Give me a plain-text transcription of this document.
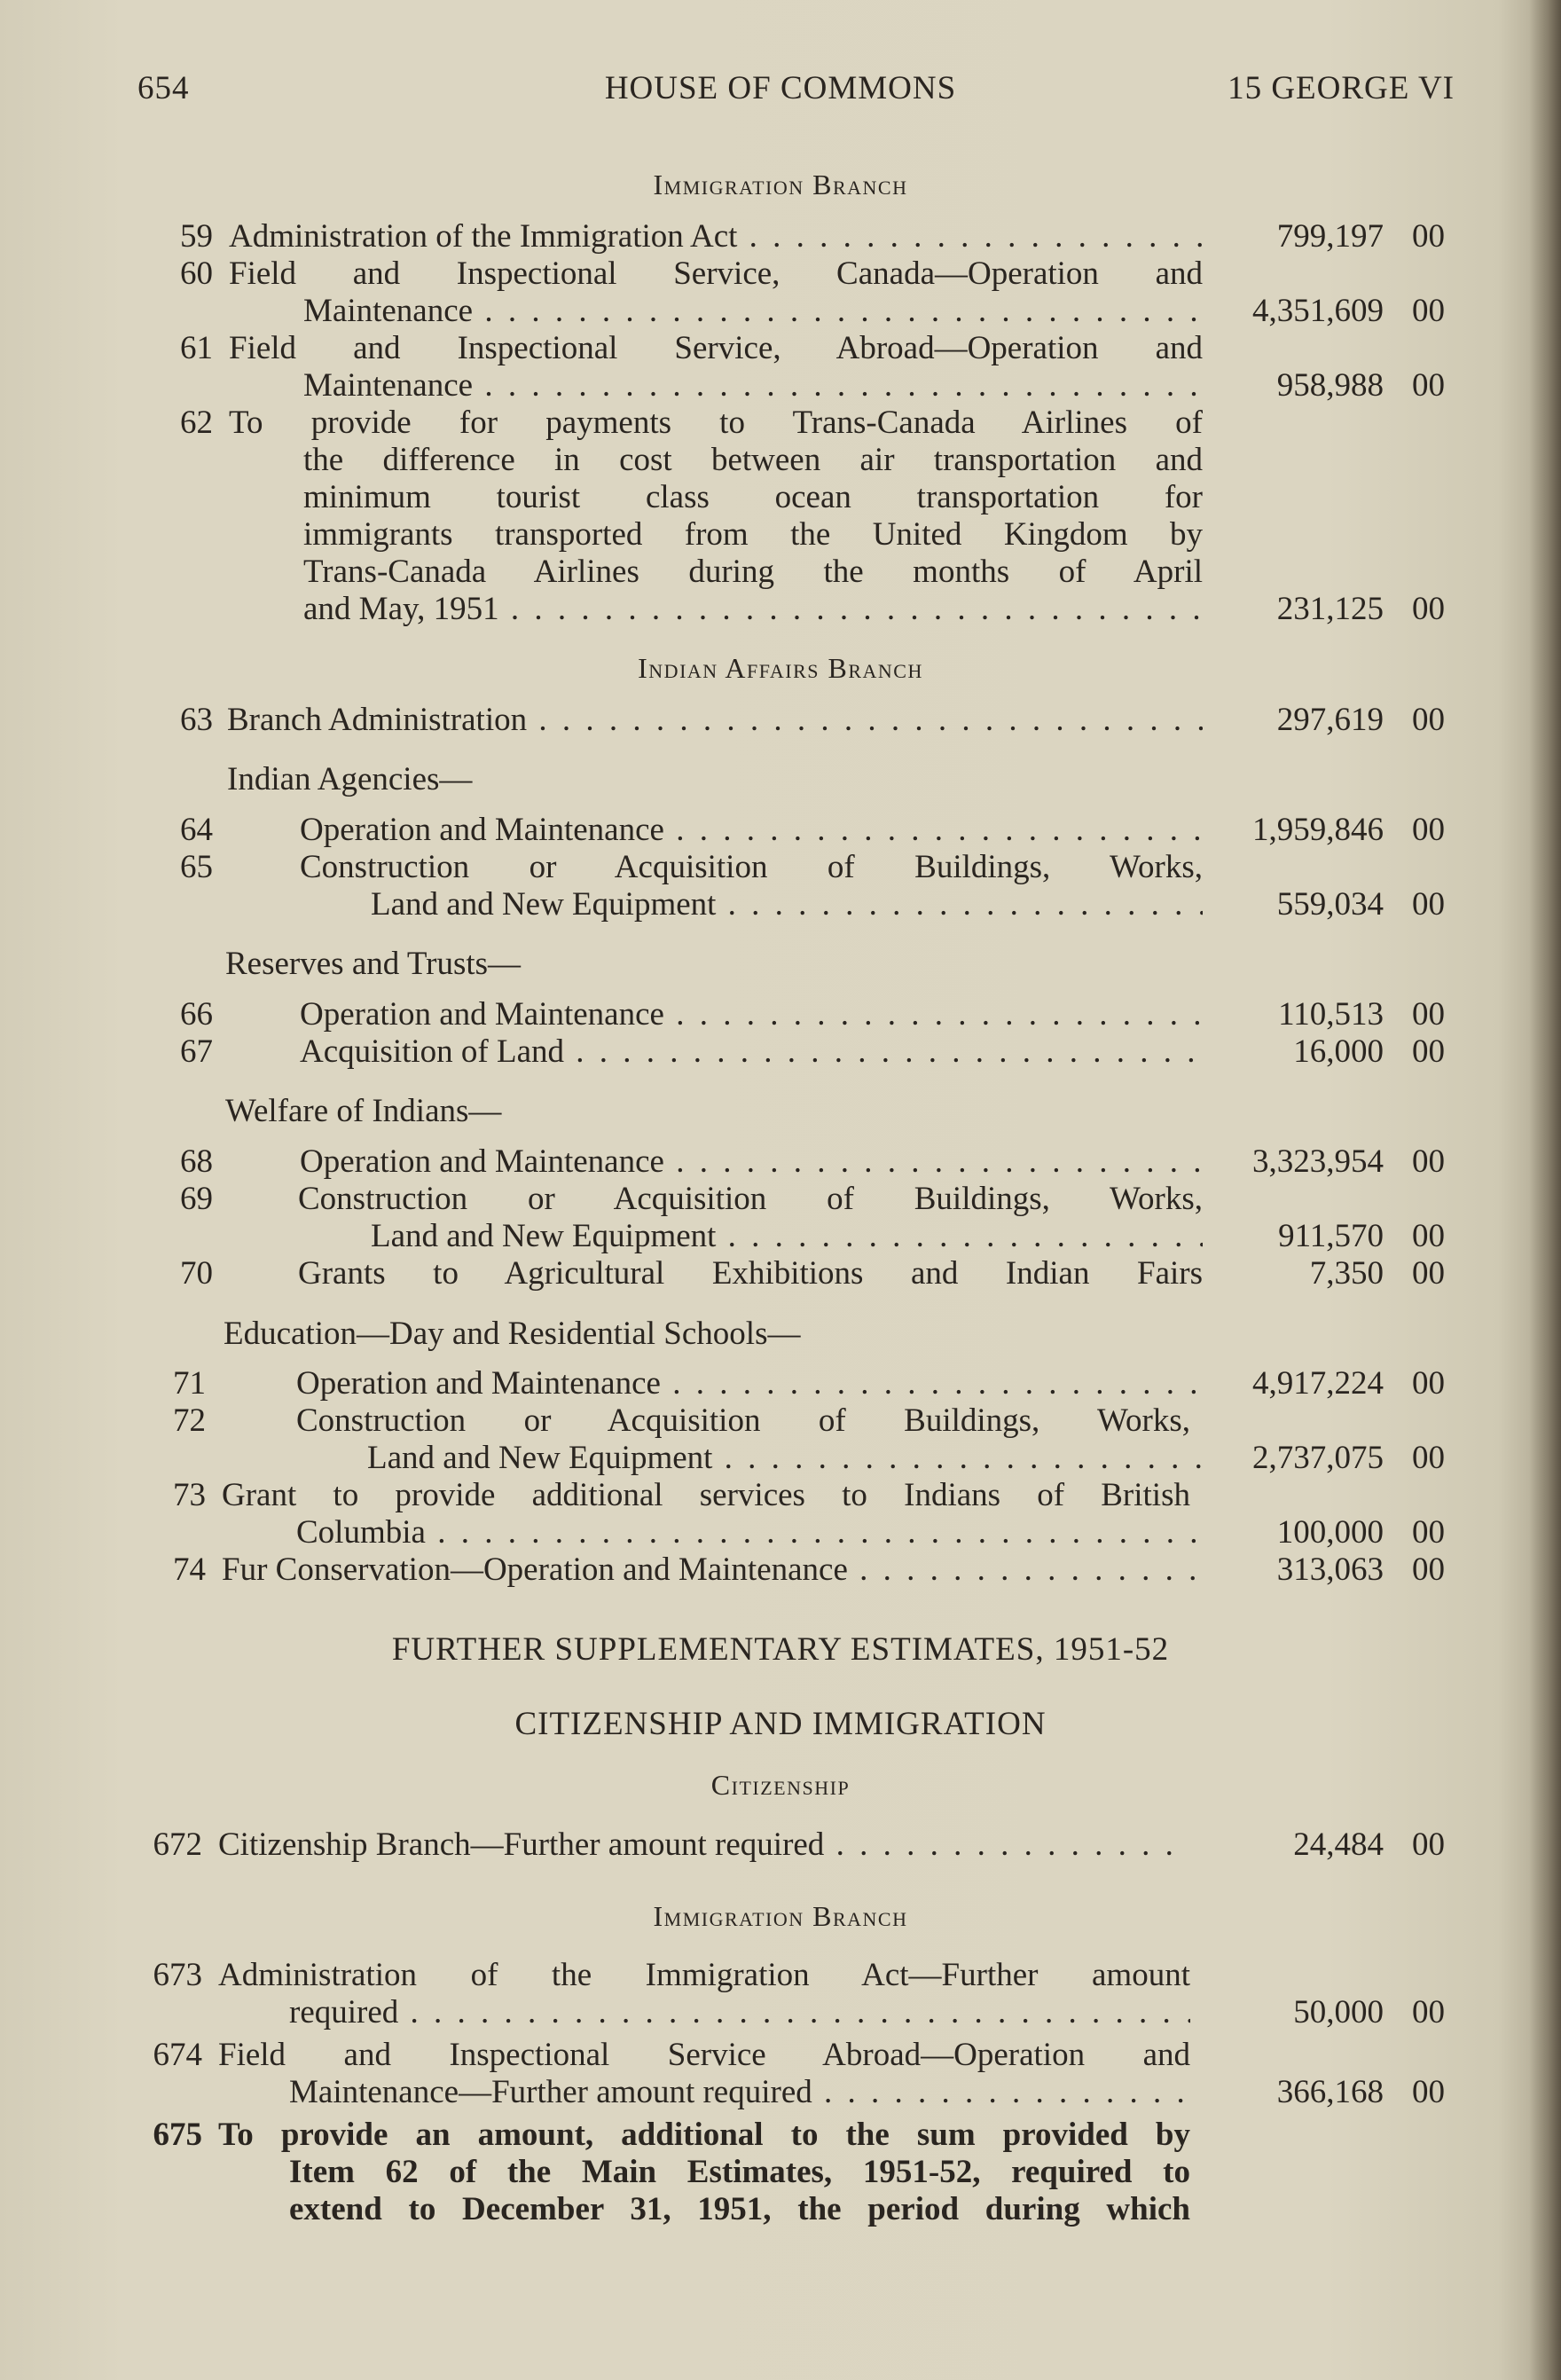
654	HOUSE OF COMMONS	15 GEORGE VI
Immigration Branch
59 Administration of the Immigration Act . . .	799,197 00
60 Field and Inspectional Service, Canada—Operation and
Maintenance . . .	4,351,609 00
61 Field and Inspectional Service, Abroad—Operation and
Maintenance . . .	958,988 00
62 To provide for payments to Trans-Canada Airlines of
the difference in cost between air transportation and
minimum tourist class ocean transportation for
immigrants transported from the United Kingdom by
Trans-Canada Airlines during the months of April
and May, 1951 . . .	231,125 00
Indian Affairs Branch
63 Branch Administration . . .	297,619 00
Indian Agencies—
64	Operation and Maintenance . . .	1,959,846 00
65	Construction or Acquisition of Buildings, Works,
Land and New Equipment . . .	559,034 00
Reserves and Trusts—
66	Operation and Maintenance . . .	110,513 00
67	Acquisition of Land . . .	16,000 00
Welfare of Indians—
68	Operation and Maintenance . . .	3,323,954 00
69	Construction or Acquisition of Buildings, Works,
Land and New Equipment . . .	911,570 00
70	Grants to Agricultural Exhibitions and Indian Fairs	7,350 00
Education—Day and Residential Schools—
71	Operation and Maintenance . . .	4,917,224 00
72	Construction or Acquisition of Buildings, Works,
Land and New Equipment . . .	2,737,075 00
73 Grant to provide additional services to Indians of British
Columbia . . .	100,000 00
74 Fur Conservation—Operation and Maintenance . . .	313,063 00
FURTHER SUPPLEMENTARY ESTIMATES, 1951-52
CITIZENSHIP AND IMMIGRATION
Citizenship
672 Citizenship Branch—Further amount required . . .	24,484 00
Immigration Branch
673 Administration of the Immigration Act—Further amount
required . . .	50,000 00
674 Field and Inspectional Service Abroad—Operation and
Maintenance—Further amount required . . .	366,168 00
675 To provide an amount, additional to the sum provided by
Item 62 of the Main Estimates, 1951-52, required to
extend to December 31, 1951, the period during which
